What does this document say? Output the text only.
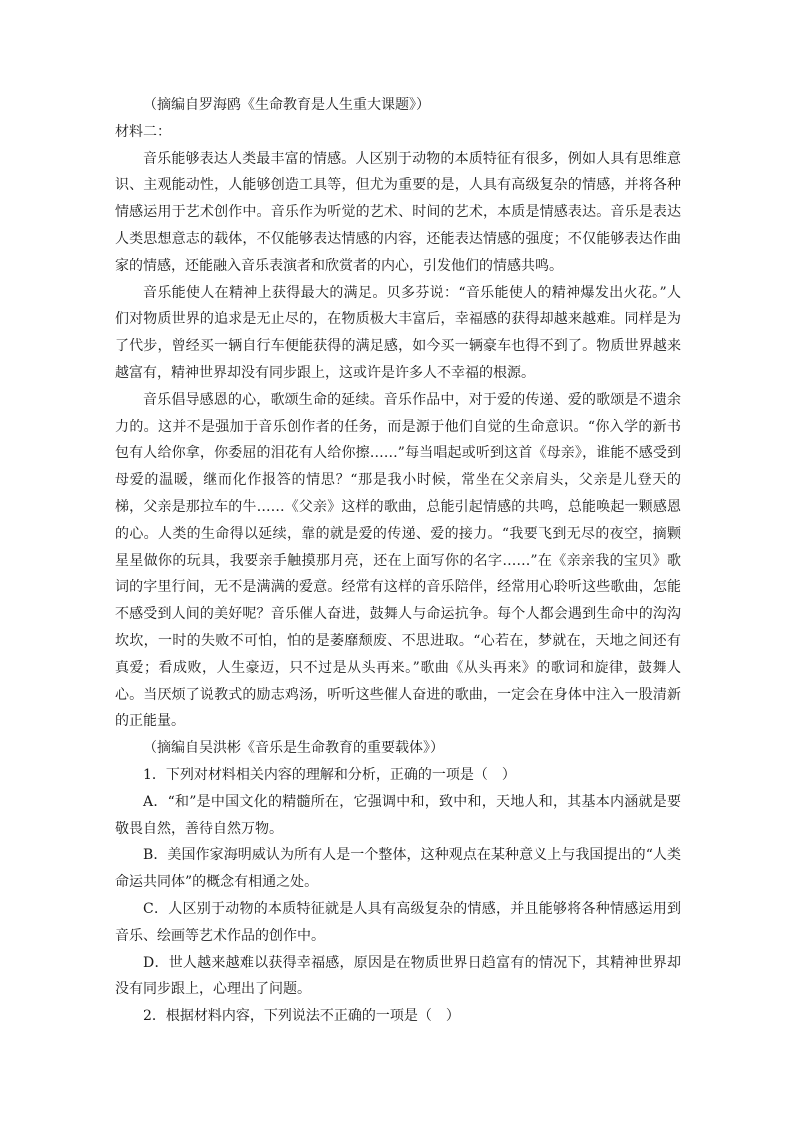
（摘编自罗海鸥《生命教育是人生重大课题》）

材料二：

音乐能够表达人类最丰富的情感。人区别于动物的本质特征有很多，例如人具有思维意识、主观能动性，人能够创造工具等，但尤为重要的是，人具有高级复杂的情感，并将各种情感运用于艺术创作中。音乐作为听觉的艺术、时间的艺术，本质是情感表达。音乐是表达人类思想意志的载体，不仅能够表达情感的内容，还能表达情感的强度；不仅能够表达作曲家的情感，还能融入音乐表演者和欣赏者的内心，引发他们的情感共鸣。

音乐能使人在精神上获得最大的满足。贝多芬说：“音乐能使人的精神爆发出火花。”人们对物质世界的追求是无止尽的，在物质极大丰富后，幸福感的获得却越来越难。同样是为了代步，曾经买一辆自行车便能获得的满足感，如今买一辆豪车也得不到了。物质世界越来越富有，精神世界却没有同步跟上，这或许是许多人不幸福的根源。

音乐倡导感恩的心，歌颂生命的延续。音乐作品中，对于爱的传递、爱的歌颂是不遗余力的。这并不是强加于音乐创作者的任务，而是源于他们自觉的生命意识。“你入学的新书包有人给你拿，你委屈的泪花有人给你擦……”每当唱起或听到这首《母亲》，谁能不感受到母爱的温暖，继而化作报答的情思？“那是我小时候，常坐在父亲肩头，父亲是儿登天的梯，父亲是那拉车的牛……《父亲》这样的歌曲，总能引起情感的共鸣，总能唤起一颗感恩的心。人类的生命得以延续，靠的就是爱的传递、爱的接力。“我要飞到无尽的夜空，摘颗星星做你的玩具，我要亲手触摸那月亮，还在上面写你的名字……”在《亲亲我的宝贝》歌词的字里行间，无不是满满的爱意。经常有这样的音乐陪伴，经常用心聆听这些歌曲，怎能不感受到人间的美好呢？音乐催人奋进，鼓舞人与命运抗争。每个人都会遇到生命中的沟沟坎坎，一时的失败不可怕，怕的是萎靡颓废、不思进取。“心若在，梦就在，天地之间还有真爱；看成败，人生豪迈，只不过是从头再来。”歌曲《从头再来》的歌词和旋律，鼓舞人心。当厌烦了说教式的励志鸡汤，听听这些催人奋进的歌曲，一定会在身体中注入一股清新的正能量。

（摘编自吴洪彬《音乐是生命教育的重要载体》）

1．下列对材料相关内容的理解和分析，正确的一项是（　）

A．“和”是中国文化的精髓所在，它强调中和，致中和，天地人和，其基本内涵就是要敬畏自然，善待自然万物。

B．美国作家海明威认为所有人是一个整体，这种观点在某种意义上与我国提出的“人类命运共同体”的概念有相通之处。

C．人区别于动物的本质特征就是人具有高级复杂的情感，并且能够将各种情感运用到音乐、绘画等艺术作品的创作中。

D．世人越来越难以获得幸福感，原因是在物质世界日趋富有的情况下，其精神世界却没有同步跟上，心理出了问题。

2．根据材料内容，下列说法不正确的一项是（　）
